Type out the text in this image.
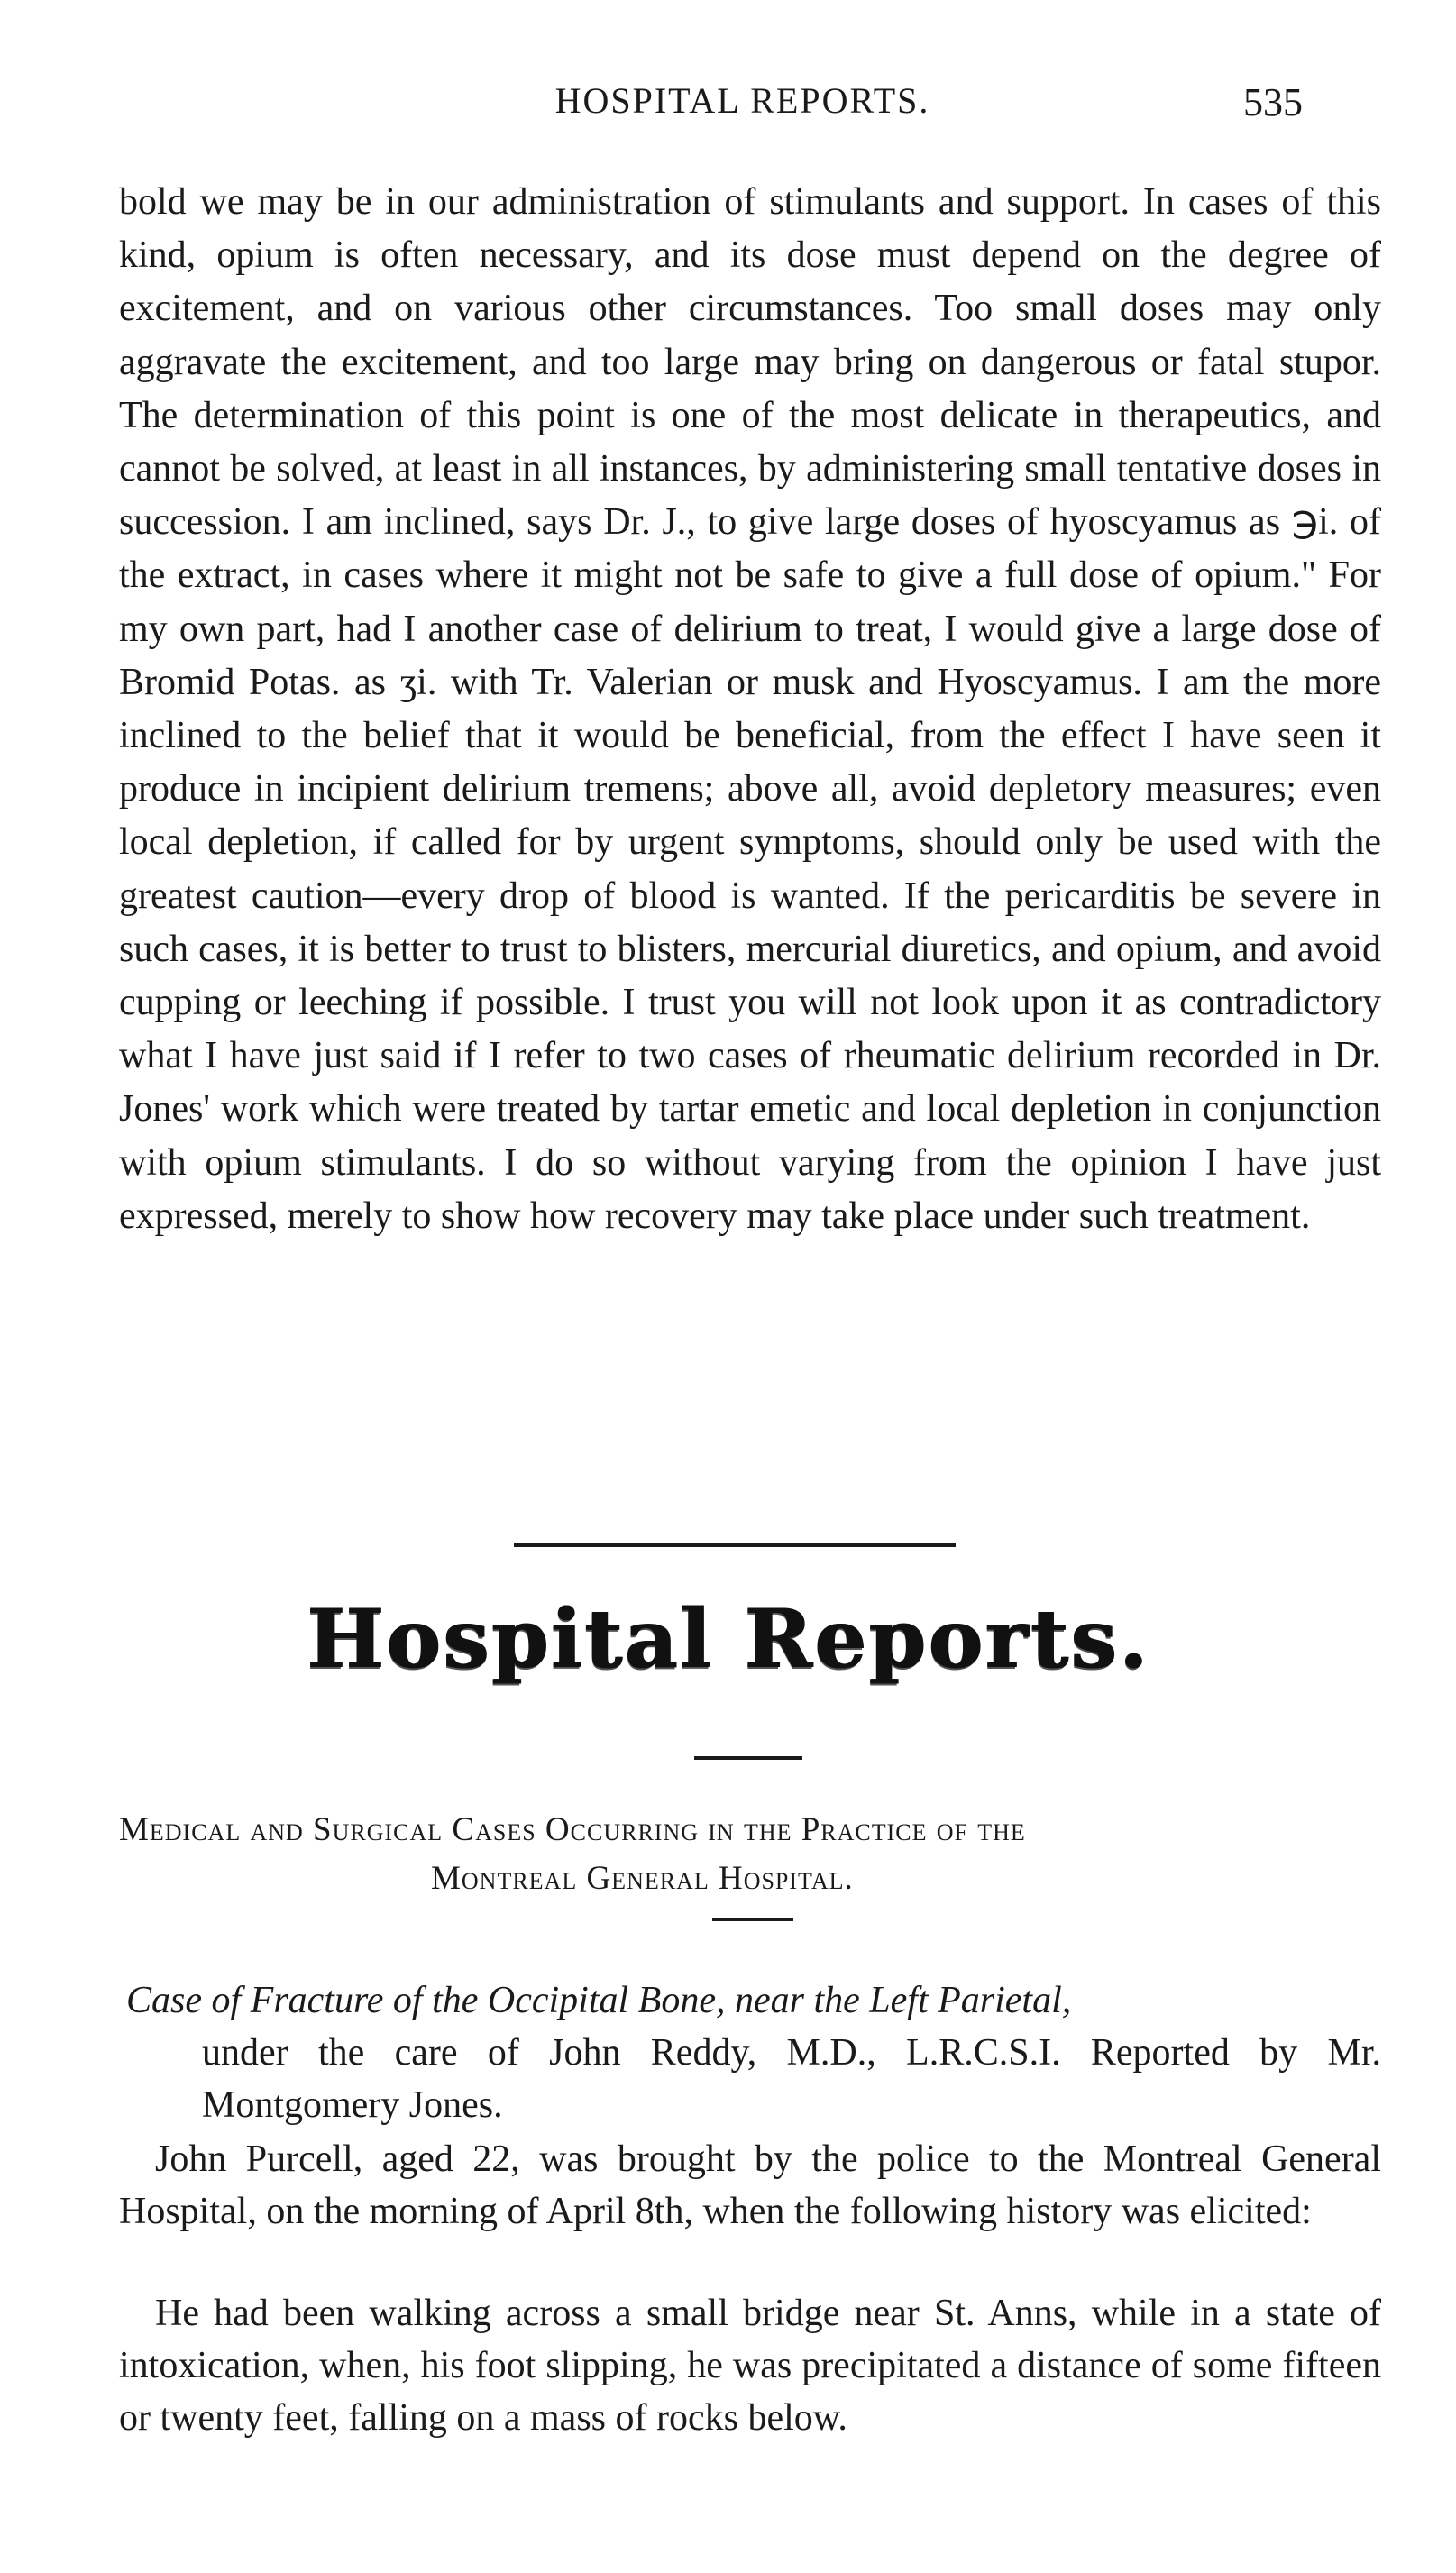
HOSPITAL REPORTS.	535

bold we may be in our administration of stimulants and support. In cases of this kind, opium is often necessary, and its dose must depend on the degree of excitement, and on various other circumstances. Too small doses may only aggravate the excitement, and too large may bring on dangerous or fatal stupor. The determination of this point is one of the most delicate in therapeutics, and cannot be solved, at least in all instances, by administering small tentative doses in succession. I am inclined, says Dr. J., to give large doses of hyoscyamus as ℈i. of the extract, in cases where it might not be safe to give a full dose of opium." For my own part, had I another case of delirium to treat, I would give a large dose of Bromid Potas. as ʒi. with Tr. Valerian or musk and Hyoscyamus. I am the more inclined to the belief that it would be beneficial, from the effect I have seen it produce in incipient delirium tremens; above all, avoid depletory measures; even local depletion, if called for by urgent symptoms, should only be used with the greatest caution—every drop of blood is wanted. If the pericarditis be severe in such cases, it is better to trust to blisters, mercurial diuretics, and opium, and avoid cupping or leeching if possible. I trust you will not look upon it as contradictory what I have just said if I refer to two cases of rheumatic delirium recorded in Dr. Jones' work which were treated by tartar emetic and local depletion in conjunction with opium stimulants. I do so without varying from the opinion I have just expressed, merely to show how recovery may take place under such treatment.

Hospital Reports.
Medical and Surgical Cases Occurring in the Practice of the
Montreal General Hospital.
Case of Fracture of the Occipital Bone, near the Left Parietal,
under the care of John Reddy, M.D., L.R.C.S.I. Reported by Mr. Montgomery Jones.

John Purcell, aged 22, was brought by the police to the Montreal General Hospital, on the morning of April 8th, when the following history was elicited:

He had been walking across a small bridge near St. Anns, while in a state of intoxication, when, his foot slipping, he was precipitated a distance of some fifteen or twenty feet, falling on a mass of rocks below.
